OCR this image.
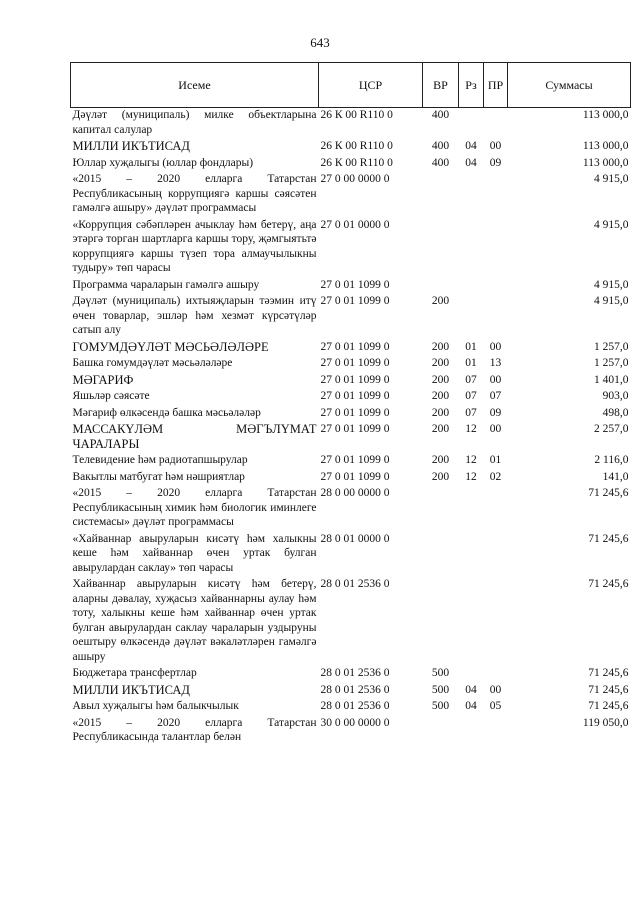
643
Исеме	ЦСР	ВР	Рз	ПР	Суммасы
Дәүләт (муниципаль) милке объектларына капитал салулар	26 К 00 R110 0	400			113 000,0
МИЛЛИ ИКЪТИСАД	26 К 00 R110 0	400	04	00	113 000,0
Юллар хуҗалыгы (юллар фондлары)	26 К 00 R110 0	400	04	09	113 000,0
«2015 – 2020 елларга Татарстан Республикасының коррупциягә каршы сәясәтен гамәлгә ашыру» дәүләт программасы	27 0 00 0000 0				4 915,0
«Коррупция сәбәпләрен ачыклау һәм бетерү, аңа этәргә торган шартларга каршы тору, җәмгыятьтә коррупциягә каршы түзеп тора алмаучылыкны тудыру» төп чарасы	27 0 01 0000 0				4 915,0
Программа чараларын гамәлгә ашыру	27 0 01 1099 0				4 915,0
Дәүләт (муниципаль) ихтыяҗларын тәэмин итү өчен товарлар, эшләр һәм хезмәт күрсәтүләр сатып алу	27 0 01 1099 0	200			4 915,0
ГОМУМДӘҮЛӘТ МӘСЬӘЛӘЛӘРЕ	27 0 01 1099 0	200	01	00	1 257,0
Башка гомумдәүләт мәсьәләләре	27 0 01 1099 0	200	01	13	1 257,0
МӘГАРИФ	27 0 01 1099 0	200	07	00	1 401,0
Яшьләр сәясәте	27 0 01 1099 0	200	07	07	903,0
Мәгариф өлкәсендә башка мәсьәләләр	27 0 01 1099 0	200	07	09	498,0
МАССАКҮЛӘМ МӘГЪЛҮМАТ ЧАРАЛАРЫ	27 0 01 1099 0	200	12	00	2 257,0
Телевидение һәм радиотапшырулар	27 0 01 1099 0	200	12	01	2 116,0
Вакытлы матбугат һәм нәшриятлар	27 0 01 1099 0	200	12	02	141,0
«2015 – 2020 елларга Татарстан Республикасының химик һәм биологик иминлеге системасы» дәүләт программасы	28 0 00 0000 0				71 245,6
«Хайваннар авыруларын кисәтү һәм халыкны кеше һәм хайваннар өчен уртак булган авырулардан саклау» төп чарасы	28 0 01 0000 0				71 245,6
Хайваннар авыруларын кисәтү һәм бетерү, аларны дәвалау, хуҗасыз хайваннарны аулау һәм тоту, халыкны кеше һәм хайваннар өчен уртак булган авырулардан саклау чараларын уздыруны оештыру өлкәсендә дәүләт вәкаләтләрен гамәлгә ашыру	28 0 01 2536 0				71 245,6
Бюджетара трансфертлар	28 0 01 2536 0	500			71 245,6
МИЛЛИ ИКЪТИСАД	28 0 01 2536 0	500	04	00	71 245,6
Авыл хуҗалыгы һәм балыкчылык	28 0 01 2536 0	500	04	05	71 245,6
«2015 – 2020 елларга Татарстан Республикасында талантлар белән	30 0 00 0000 0				119 050,0
